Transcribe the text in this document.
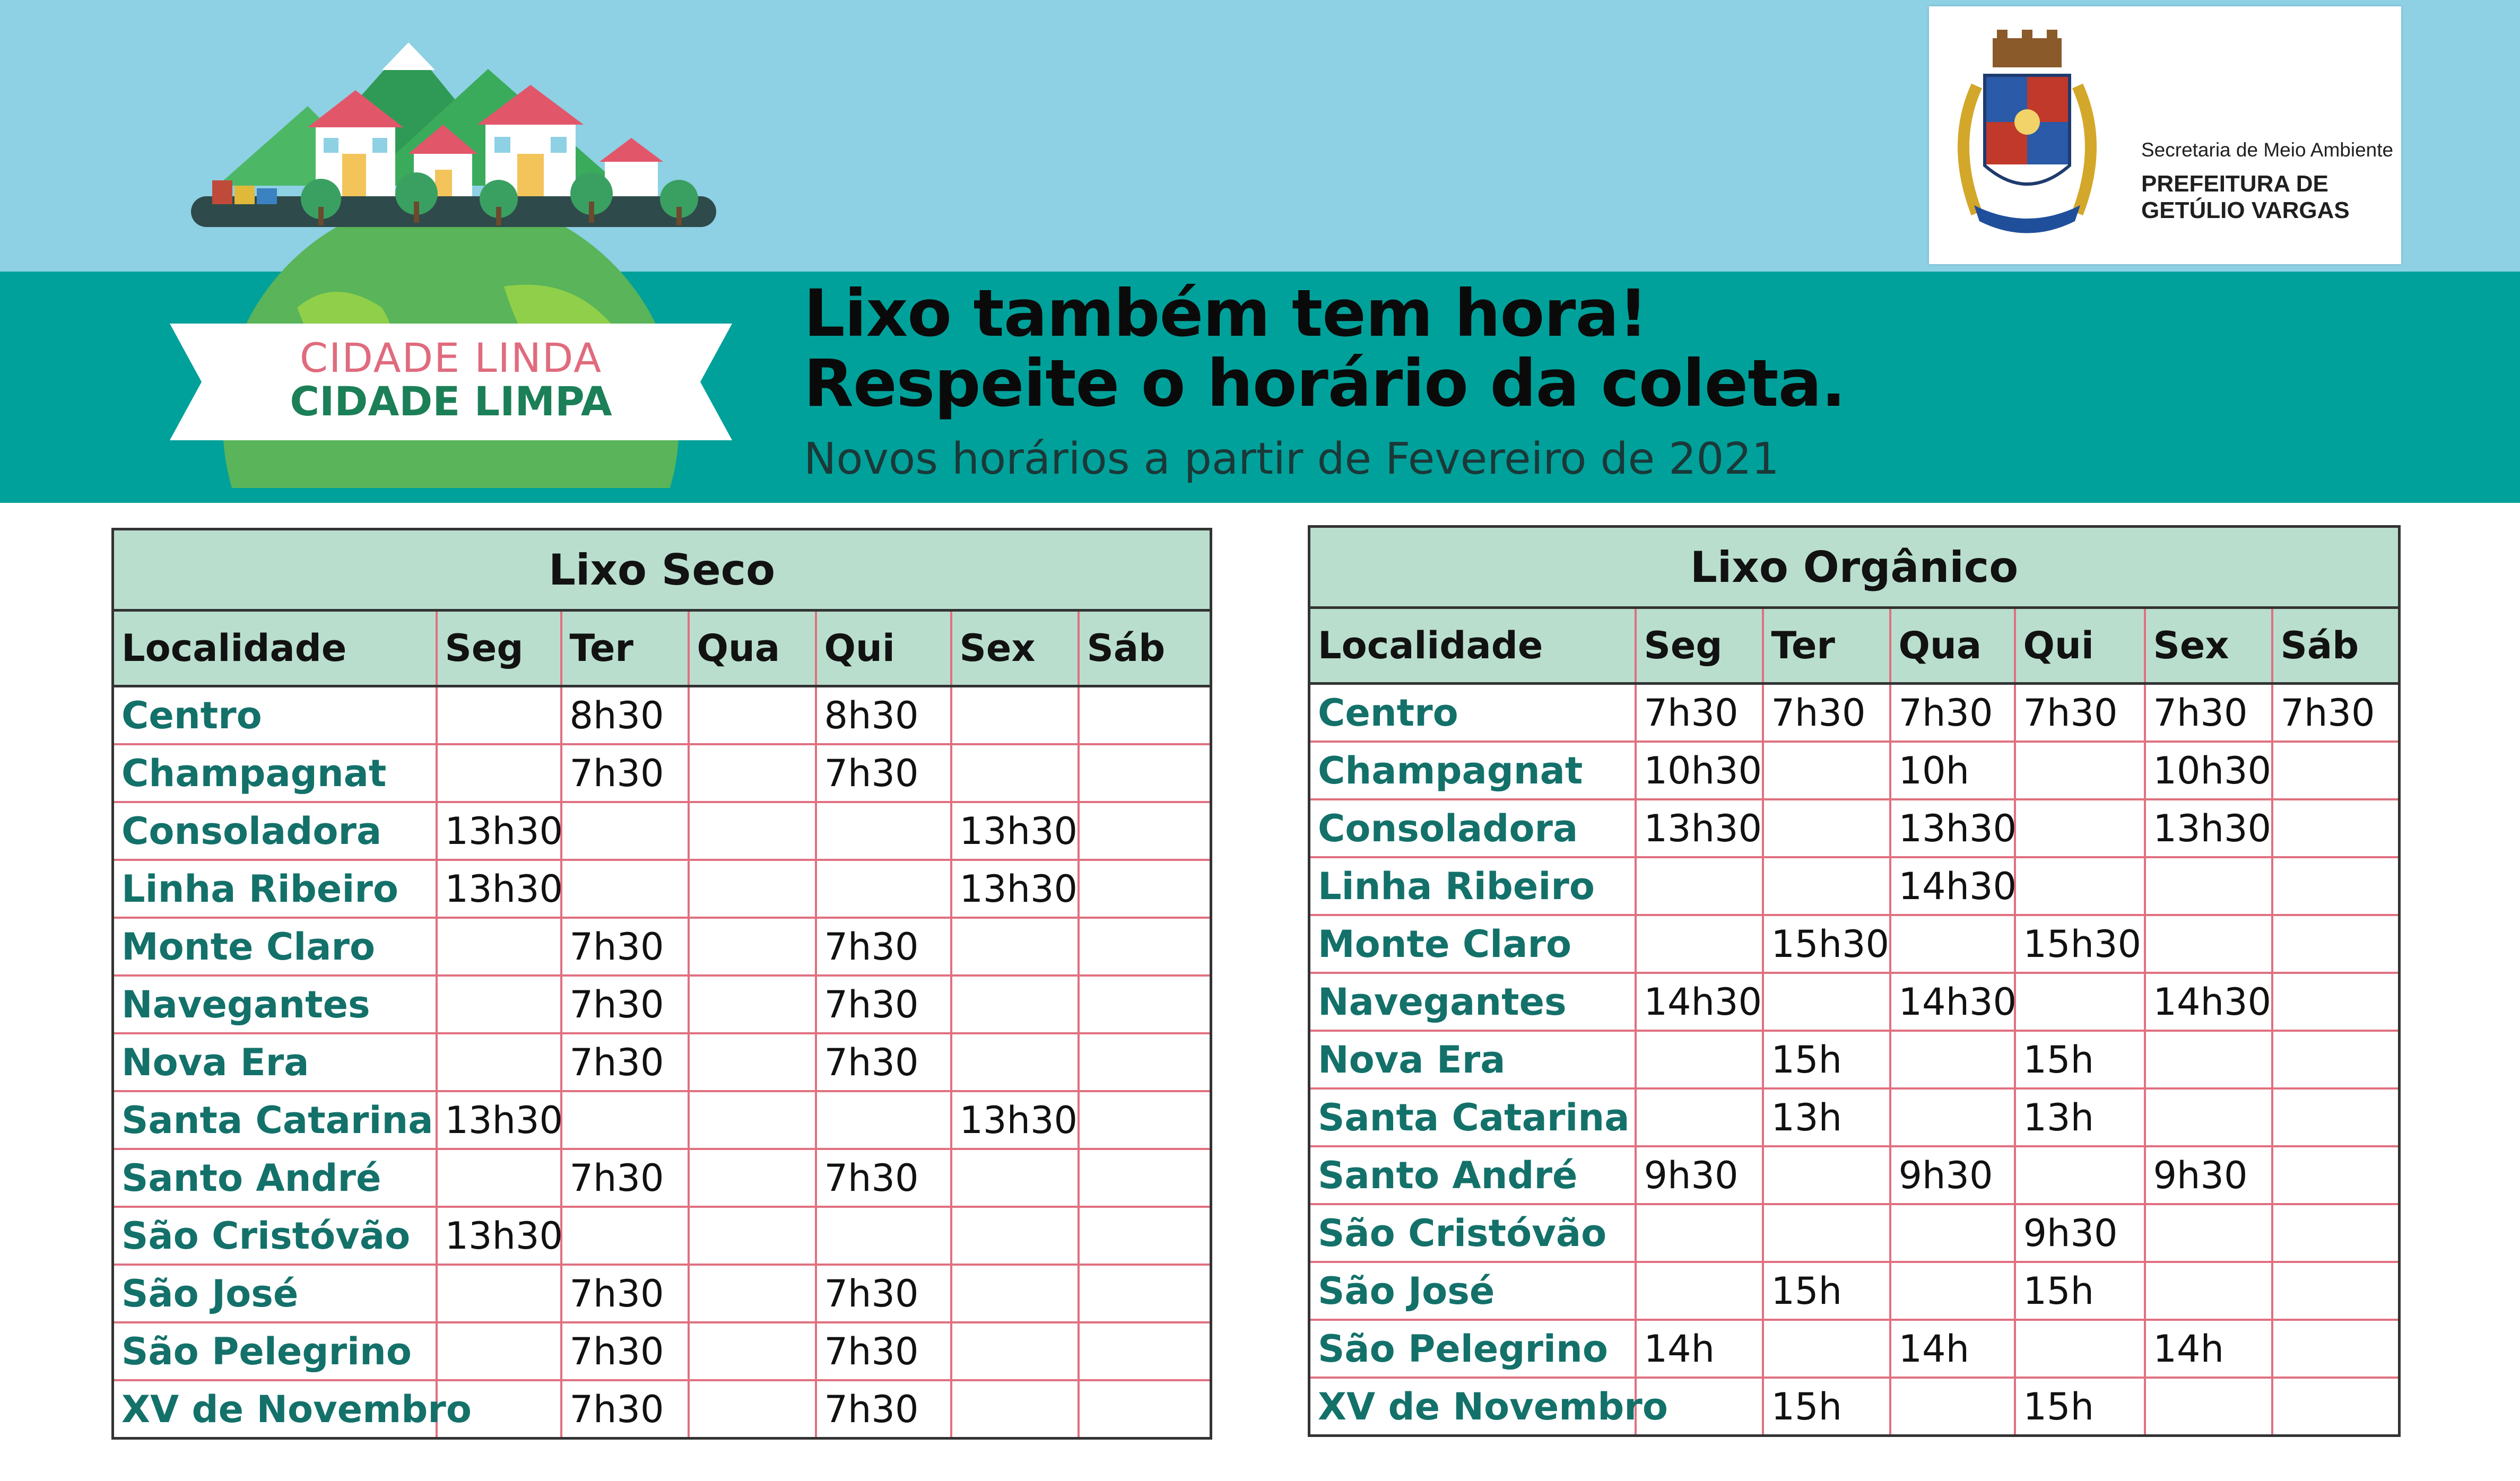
CIDADE LINDA
CIDADE LIMPA
Secretaria de Meio Ambiente
PREFEITURA DE
GETÚLIO VARGAS
Lixo também tem hora!
Respeite o horário da coleta.
Novos horários a partir de Fevereiro de 2021
Lixo Seco						
Localidade	Seg	Ter	Qua	Qui	Sex	Sáb
Centro		8h30		8h30		
Champagnat		7h30		7h30		
Consoladora	13h30				13h30	
Linha Ribeiro	13h30				13h30	
Monte Claro		7h30		7h30		
Navegantes		7h30		7h30		
Nova Era		7h30		7h30		
Santa Catarina	13h30				13h30	
Santo André		7h30		7h30		
São Cristóvão	13h30					
São José		7h30		7h30		
São Pelegrino		7h30		7h30		
XV de Novembro		7h30		7h30		
Lixo Orgânico						
Localidade	Seg	Ter	Qua	Qui	Sex	Sáb
Centro	7h30	7h30	7h30	7h30	7h30	7h30
Champagnat	10h30		10h		10h30	
Consoladora	13h30		13h30		13h30	
Linha Ribeiro			14h30			
Monte Claro		15h30		15h30		
Navegantes	14h30		14h30		14h30	
Nova Era		15h		15h		
Santa Catarina		13h		13h		
Santo André	9h30		9h30		9h30	
São Cristóvão				9h30		
São José		15h		15h		
São Pelegrino	14h		14h		14h	
XV de Novembro		15h		15h		
